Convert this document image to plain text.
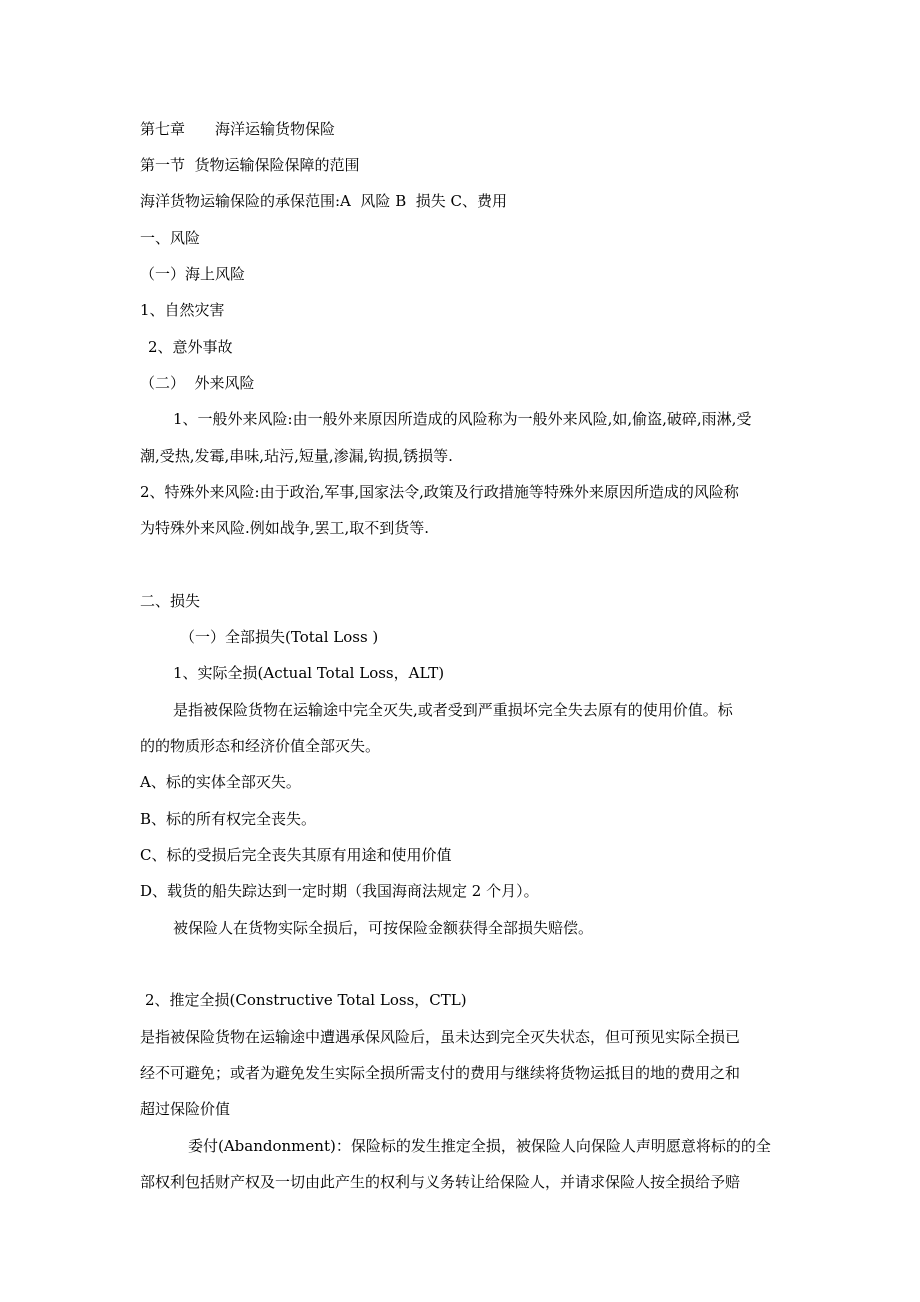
第七章　　海洋运输货物保险
第一节  货物运输保险保障的范围
海洋货物运输保险的承保范围:A  风险 B  损失 C、费用
一、风险
（一）海上风险
1、自然灾害
2、意外事故
（二）  外来风险
1、一般外来风险:由一般外来原因所造成的风险称为一般外来风险,如,偷盗,破碎,雨淋,受
潮,受热,发霉,串味,玷污,短量,渗漏,钩损,锈损等.
2、特殊外来风险:由于政治,军事,国家法令,政策及行政措施等特殊外来原因所造成的风险称
为特殊外来风险.例如战争,罢工,取不到货等.
二、损失
（一）全部损失(Total Loss )
1、实际全损(Actual Total Loss，ALT)
是指被保险货物在运输途中完全灭失,或者受到严重损坏完全失去原有的使用价值。标
的的物质形态和经济价值全部灭失。
A、标的实体全部灭失。
B、标的所有权完全丧失。
C、标的受损后完全丧失其原有用途和使用价值
D、载货的船失踪达到一定时期（我国海商法规定 2 个月）。
被保险人在货物实际全损后，可按保险金额获得全部损失赔偿。
2、推定全损(Constructive Total Loss，CTL)
是指被保险货物在运输途中遭遇承保风险后，虽未达到完全灭失状态，但可预见实际全损已
经不可避免；或者为避免发生实际全损所需支付的费用与继续将货物运抵目的地的费用之和
超过保险价值
委付(Abandonment)：保险标的发生推定全损，被保险人向保险人声明愿意将标的的全
部权利包括财产权及一切由此产生的权利与义务转让给保险人，并请求保险人按全损给予赔
